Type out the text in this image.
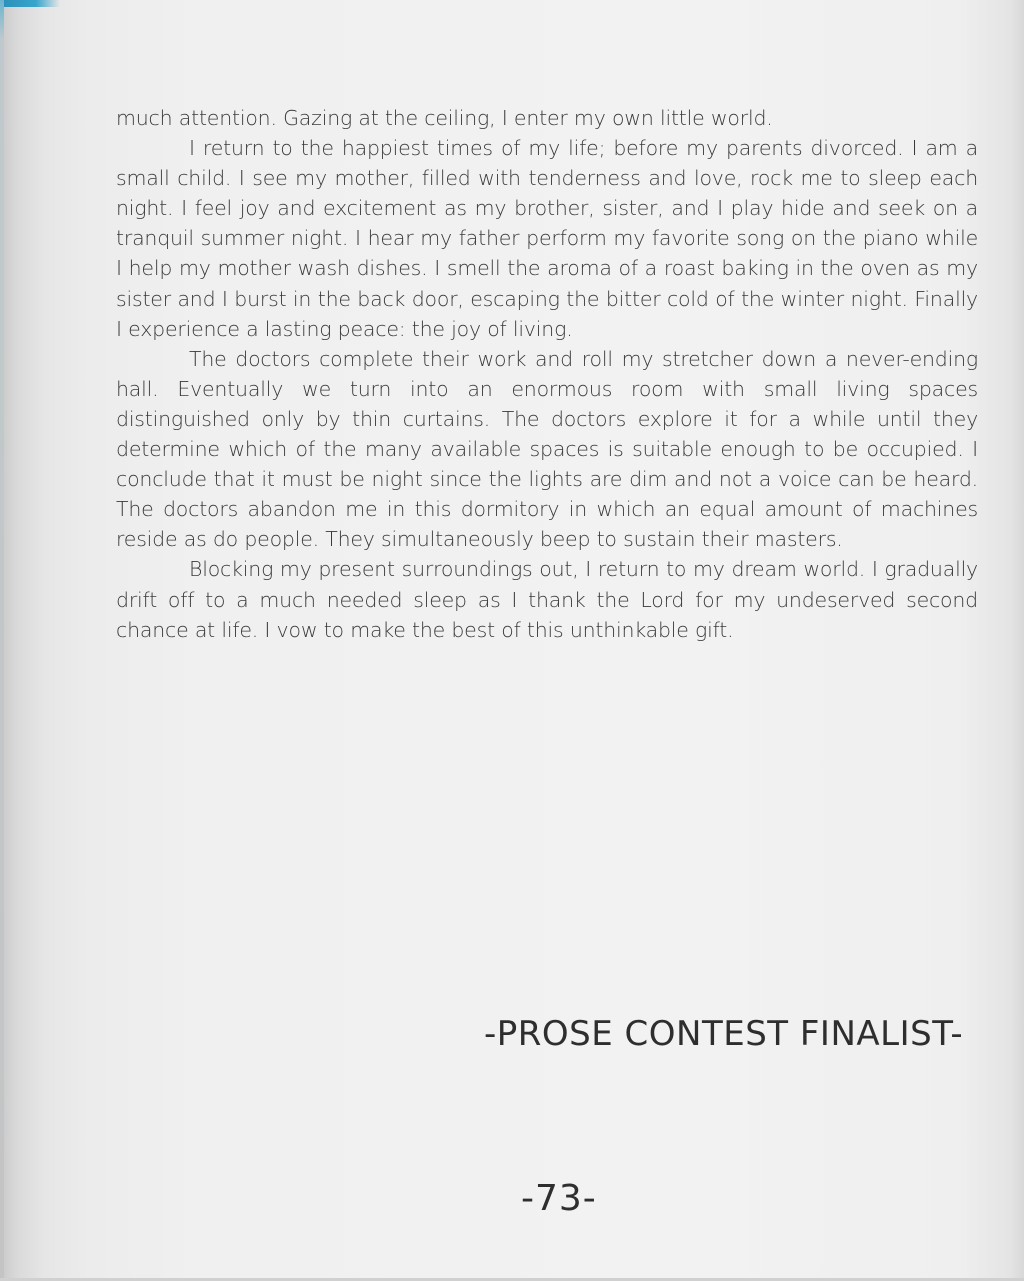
much attention. Gazing at the ceiling, I enter my own little world.

I return to the happiest times of my life; before my parents divorced. I am a small child. I see my mother, filled with tenderness and love, rock me to sleep each night. I feel joy and excitement as my brother, sister, and I play hide and seek on a tranquil summer night. I hear my father perform my favorite song on the piano while I help my mother wash dishes. I smell the aroma of a roast baking in the oven as my sister and I burst in the back door, escaping the bitter cold of the winter night. Finally I experience a lasting peace: the joy of living.

The doctors complete their work and roll my stretcher down a never-ending hall. Eventually we turn into an enormous room with small living spaces distinguished only by thin curtains. The doctors explore it for a while until they determine which of the many available spaces is suitable enough to be occupied. I conclude that it must be night since the lights are dim and not a voice can be heard. The doctors abandon me in this dormitory in which an equal amount of machines reside as do people. They simultaneously beep to sustain their masters.

Blocking my present surroundings out, I return to my dream world. I gradually drift off to a much needed sleep as I thank the Lord for my undeserved second chance at life. I vow to make the best of this unthinkable gift.

-PROSE CONTEST FINALIST-
-73-
